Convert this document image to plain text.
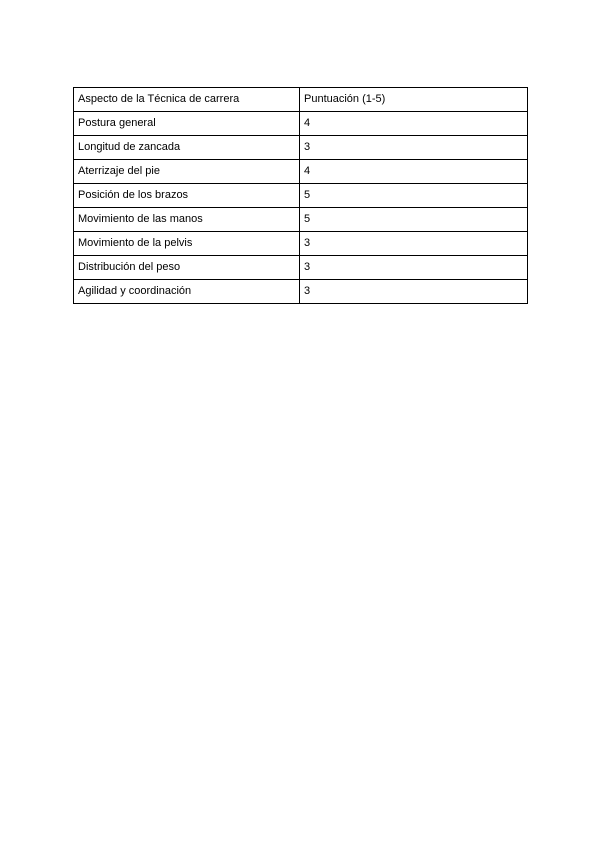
Aspecto de la Técnica de carrera	Puntuación (1-5)
Postura general	4
Longitud de zancada	3
Aterrizaje del pie	4
Posición de los brazos	5
Movimiento de las manos	5
Movimiento de la pelvis	3
Distribución del peso	3
Agilidad y coordinación	3
